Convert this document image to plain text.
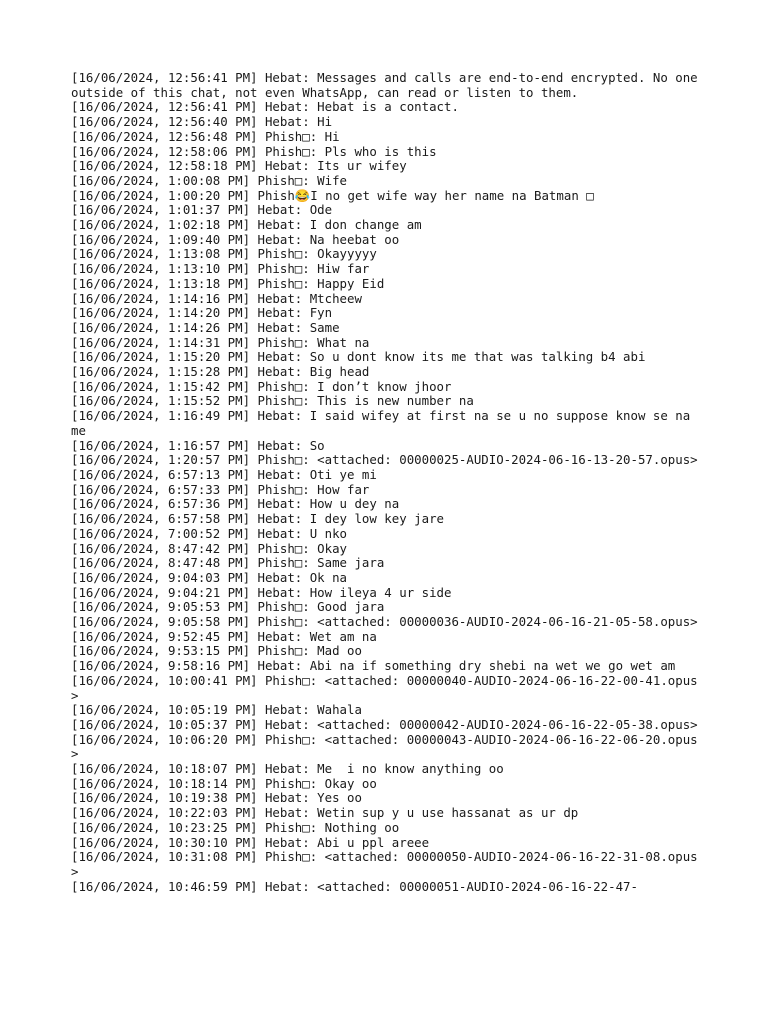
[16/06/2024, 12:56:41 PM] Hebat: Messages and calls are end-to-end encrypted. No one outside of this chat, not even WhatsApp, can read or listen to them.
[16/06/2024, 12:56:41 PM] Hebat: Hebat is a contact.
[16/06/2024, 12:56:40 PM] Hebat: Hi
[16/06/2024, 12:56:48 PM] Phish□: Hi
[16/06/2024, 12:58:06 PM] Phish□: Pls who is this
[16/06/2024, 12:58:18 PM] Hebat: Its ur wifey
[16/06/2024, 1:00:08 PM] Phish□: Wife
[16/06/2024, 1:00:20 PM] Phish😂I no get wife way her name na Batman □
[16/06/2024, 1:01:37 PM] Hebat: Ode
[16/06/2024, 1:02:18 PM] Hebat: I don change am
[16/06/2024, 1:09:40 PM] Hebat: Na heebat oo
[16/06/2024, 1:13:08 PM] Phish□: Okayyyyy
[16/06/2024, 1:13:10 PM] Phish□: Hiw far
[16/06/2024, 1:13:18 PM] Phish□: Happy Eid
[16/06/2024, 1:14:16 PM] Hebat: Mtcheew
[16/06/2024, 1:14:20 PM] Hebat: Fyn
[16/06/2024, 1:14:26 PM] Hebat: Same
[16/06/2024, 1:14:31 PM] Phish□: What na
[16/06/2024, 1:15:20 PM] Hebat: So u dont know its me that was talking b4 abi
[16/06/2024, 1:15:28 PM] Hebat: Big head
[16/06/2024, 1:15:42 PM] Phish□: I don’t know jhoor
[16/06/2024, 1:15:52 PM] Phish□: This is new number na
[16/06/2024, 1:16:49 PM] Hebat: I said wifey at first na se u no suppose know se na me
[16/06/2024, 1:16:57 PM] Hebat: So
[16/06/2024, 1:20:57 PM] Phish□: <attached: 00000025-AUDIO-2024-06-16-13-20-57.opus>
[16/06/2024, 6:57:13 PM] Hebat: Oti ye mi
[16/06/2024, 6:57:33 PM] Phish□: How far
[16/06/2024, 6:57:36 PM] Hebat: How u dey na
[16/06/2024, 6:57:58 PM] Hebat: I dey low key jare
[16/06/2024, 7:00:52 PM] Hebat: U nko
[16/06/2024, 8:47:42 PM] Phish□: Okay
[16/06/2024, 8:47:48 PM] Phish□: Same jara
[16/06/2024, 9:04:03 PM] Hebat: Ok na
[16/06/2024, 9:04:21 PM] Hebat: How ileya 4 ur side
[16/06/2024, 9:05:53 PM] Phish□: Good jara
[16/06/2024, 9:05:58 PM] Phish□: <attached: 00000036-AUDIO-2024-06-16-21-05-58.opus>
[16/06/2024, 9:52:45 PM] Hebat: Wet am na
[16/06/2024, 9:53:15 PM] Phish□: Mad oo
[16/06/2024, 9:58:16 PM] Hebat: Abi na if something dry shebi na wet we go wet am
[16/06/2024, 10:00:41 PM] Phish□: <attached: 00000040-AUDIO-2024-06-16-22-00-41.opus>
[16/06/2024, 10:05:19 PM] Hebat: Wahala
[16/06/2024, 10:05:37 PM] Hebat: <attached: 00000042-AUDIO-2024-06-16-22-05-38.opus>
[16/06/2024, 10:06:20 PM] Phish□: <attached: 00000043-AUDIO-2024-06-16-22-06-20.opus>
[16/06/2024, 10:18:07 PM] Hebat: Me  i no know anything oo
[16/06/2024, 10:18:14 PM] Phish□: Okay oo
[16/06/2024, 10:19:38 PM] Hebat: Yes oo
[16/06/2024, 10:22:03 PM] Hebat: Wetin sup y u use hassanat as ur dp
[16/06/2024, 10:23:25 PM] Phish□: Nothing oo
[16/06/2024, 10:30:10 PM] Hebat: Abi u ppl areee
[16/06/2024, 10:31:08 PM] Phish□: <attached: 00000050-AUDIO-2024-06-16-22-31-08.opus>
[16/06/2024, 10:46:59 PM] Hebat: <attached: 00000051-AUDIO-2024-06-16-22-47-
